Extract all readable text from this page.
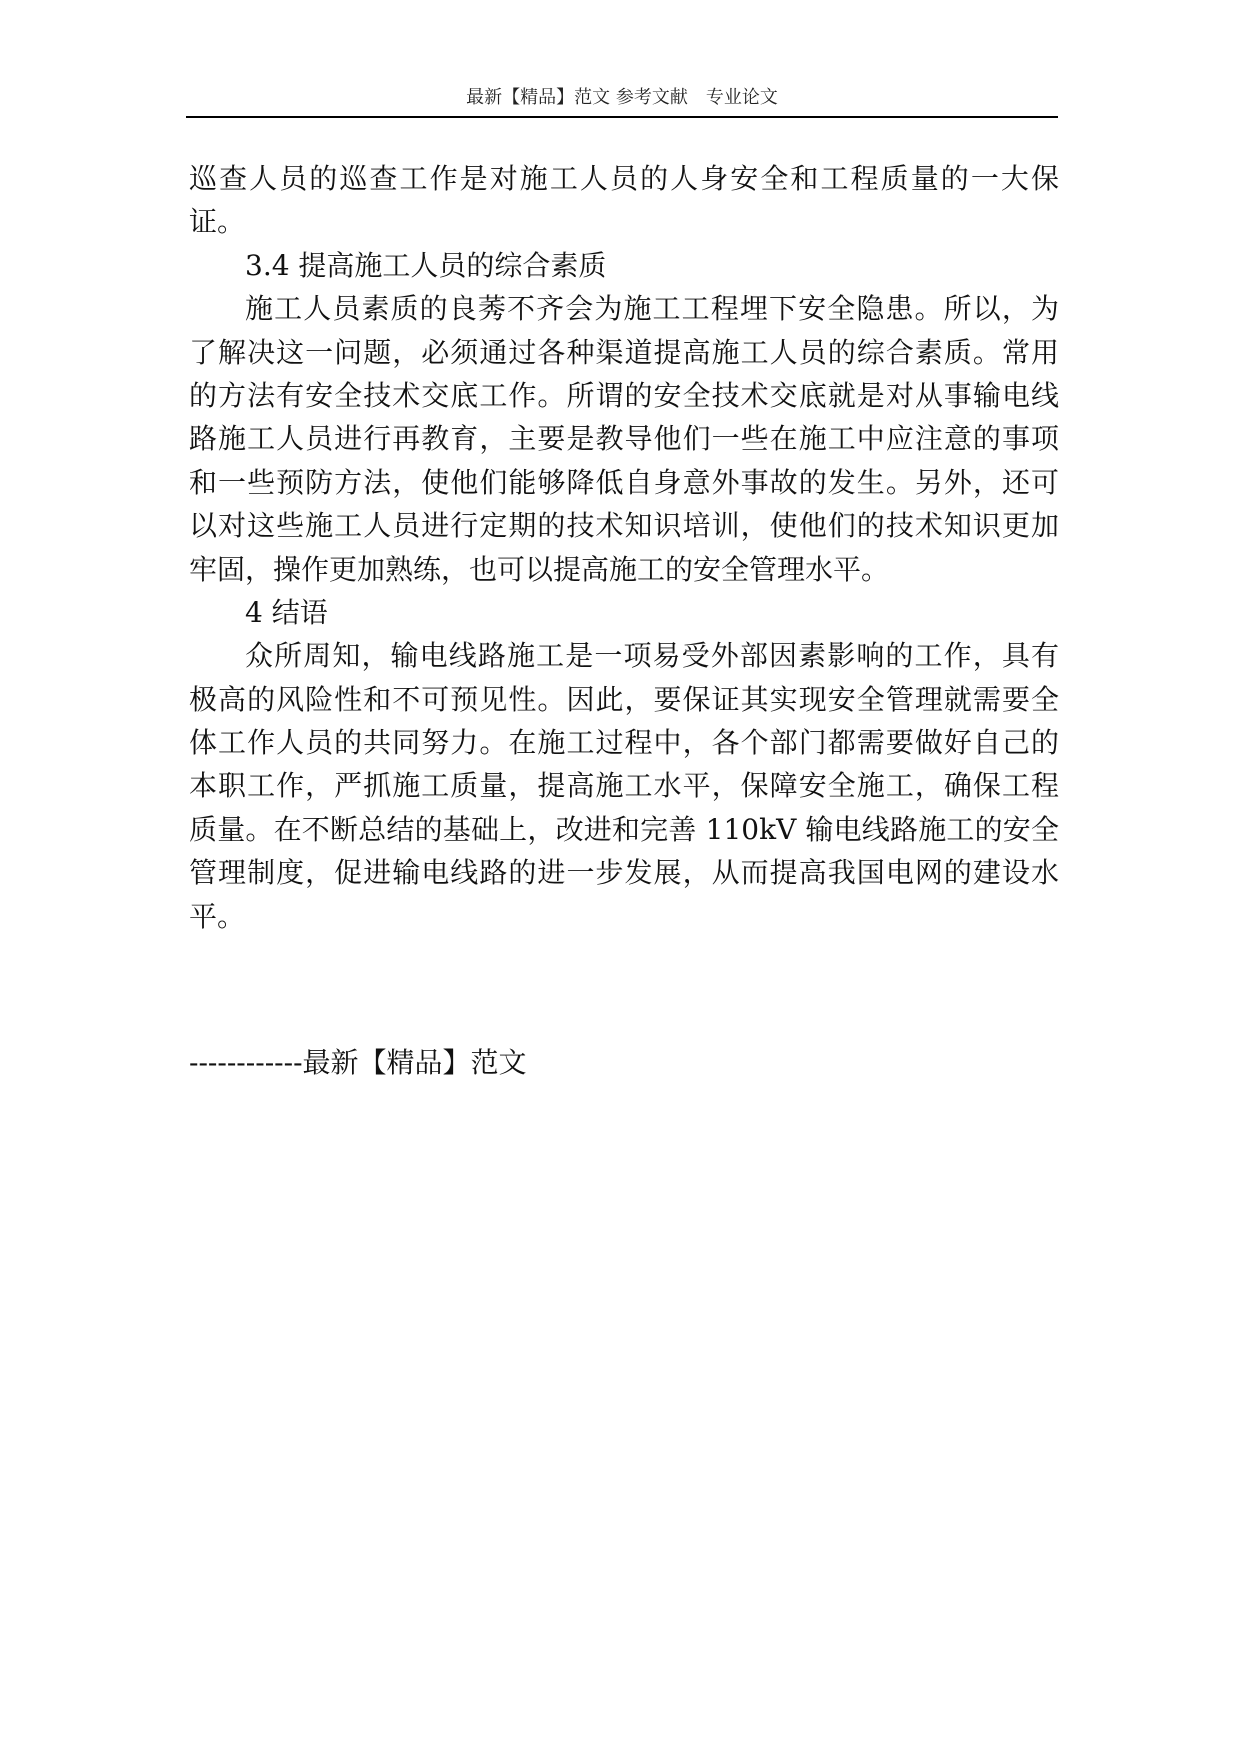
最新【精品】范文 参考文献　专业论文
巡查人员的巡查工作是对施工人员的人身安全和工程质量的一大保
证。
3.4 提高施工人员的综合素质
施工人员素质的良莠不齐会为施工工程埋下安全隐患。所以，为
了解决这一问题，必须通过各种渠道提高施工人员的综合素质。常用
的方法有安全技术交底工作。所谓的安全技术交底就是对从事输电线
路施工人员进行再教育，主要是教导他们一些在施工中应注意的事项
和一些预防方法，使他们能够降低自身意外事故的发生。另外，还可
以对这些施工人员进行定期的技术知识培训，使他们的技术知识更加
牢固，操作更加熟练，也可以提高施工的安全管理水平。
4 结语
众所周知，输电线路施工是一项易受外部因素影响的工作，具有
极高的风险性和不可预见性。因此，要保证其实现安全管理就需要全
体工作人员的共同努力。在施工过程中，各个部门都需要做好自己的
本职工作，严抓施工质量，提高施工水平，保障安全施工，确保工程
质量。在不断总结的基础上，改进和完善 110kV 输电线路施工的安全
管理制度，促进输电线路的进一步发展，从而提高我国电网的建设水
平。
------------最新【精品】范文
